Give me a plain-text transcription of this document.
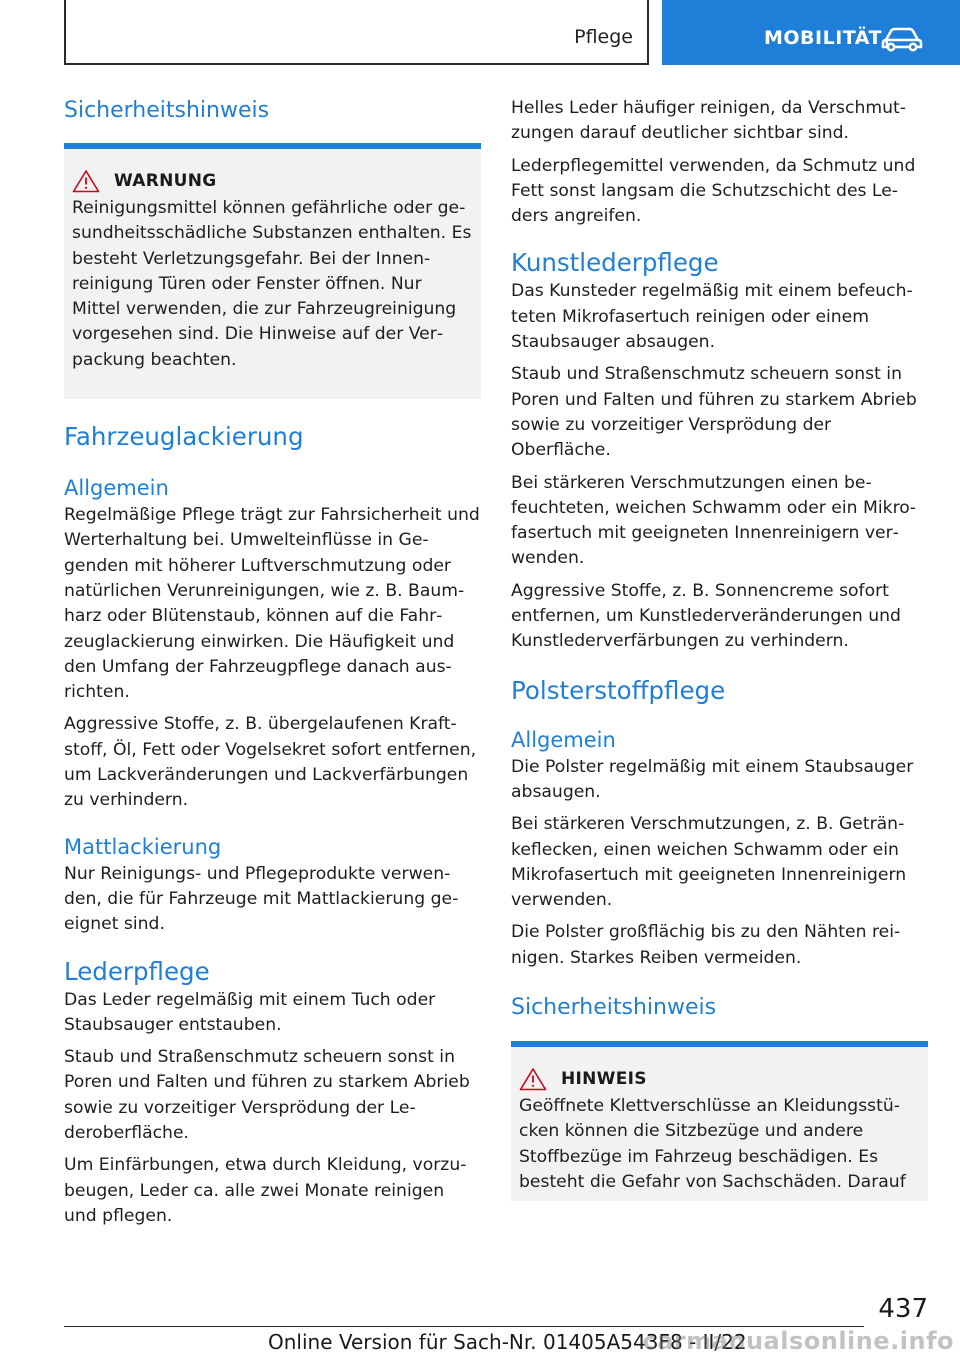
Pflege	MOBILITÄT
Sicherheitshinweis
WARNUNG

Reinigungsmittel können gefährliche oder gesundheitsschädliche Substanzen enthalten. Es besteht Verletzungsgefahr. Bei der Innenreinigung Türen oder Fenster öffnen. Nur Mittel verwenden, die zur Fahrzeugreinigung vorgesehen sind. Die Hinweise auf der Verpackung beachten.

Fahrzeuglackierung
Allgemein

Regelmäßige Pflege trägt zur Fahrsicherheit und Werterhaltung bei. Umwelteinflüsse in Gegenden mit höherer Luftverschmutzung oder natürlichen Verunreinigungen, wie z. B. Baumharz oder Blütenstaub, können auf die Fahrzeuglackierung einwirken. Die Häufigkeit und den Umfang der Fahrzeugpflege danach ausrichten.

Aggressive Stoffe, z. B. übergelaufenen Kraftstoff, Öl, Fett oder Vogelsekret sofort entfernen, um Lackveränderungen und Lackverfärbungen zu verhindern.

Mattlackierung

Nur Reinigungs- und Pflegeprodukte verwenden, die für Fahrzeuge mit Mattlackierung geeignet sind.

Lederpflege

Das Leder regelmäßig mit einem Tuch oder Staubsauger entstauben.

Staub und Straßenschmutz scheuern sonst in Poren und Falten und führen zu starkem Abrieb sowie zu vorzeitiger Versprödung der Lederoberfläche.

Um Einfärbungen, etwa durch Kleidung, vorzubeugen, Leder ca. alle zwei Monate reinigen und pflegen.

Helles Leder häufiger reinigen, da Verschmutzungen darauf deutlicher sichtbar sind.

Lederpflegemittel verwenden, da Schmutz und Fett sonst langsam die Schutzschicht des Leders angreifen.

Kunstlederpflege

Das Kunsteder regelmäßig mit einem befeuchteten Mikrofasertuch reinigen oder einem Staubsauger absaugen.

Staub und Straßenschmutz scheuern sonst in Poren und Falten und führen zu starkem Abrieb sowie zu vorzeitiger Versprödung der Oberfläche.

Bei stärkeren Verschmutzungen einen befeuchteten, weichen Schwamm oder ein Mikrofasertuch mit geeigneten Innenreinigern verwenden.

Aggressive Stoffe, z. B. Sonnencreme sofort entfernen, um Kunstlederveränderungen und Kunstlederverfärbungen zu verhindern.

Polsterstoffpflege
Allgemein

Die Polster regelmäßig mit einem Staubsauger absaugen.

Bei stärkeren Verschmutzungen, z. B. Getränkeflecken, einen weichen Schwamm oder ein Mikrofasertuch mit geeigneten Innenreinigern verwenden.

Die Polster großflächig bis zu den Nähten reinigen. Starkes Reiben vermeiden.

Sicherheitshinweis
HINWEIS

Geöffnete Klettverschlüsse an Kleidungsstücken können die Sitzbezüge und andere Stoffbezüge im Fahrzeug beschädigen. Es besteht die Gefahr von Sachschäden. Darauf

437
Online Version für Sach-Nr. 01405A543F8 - II/22
carmanualsonline.info
